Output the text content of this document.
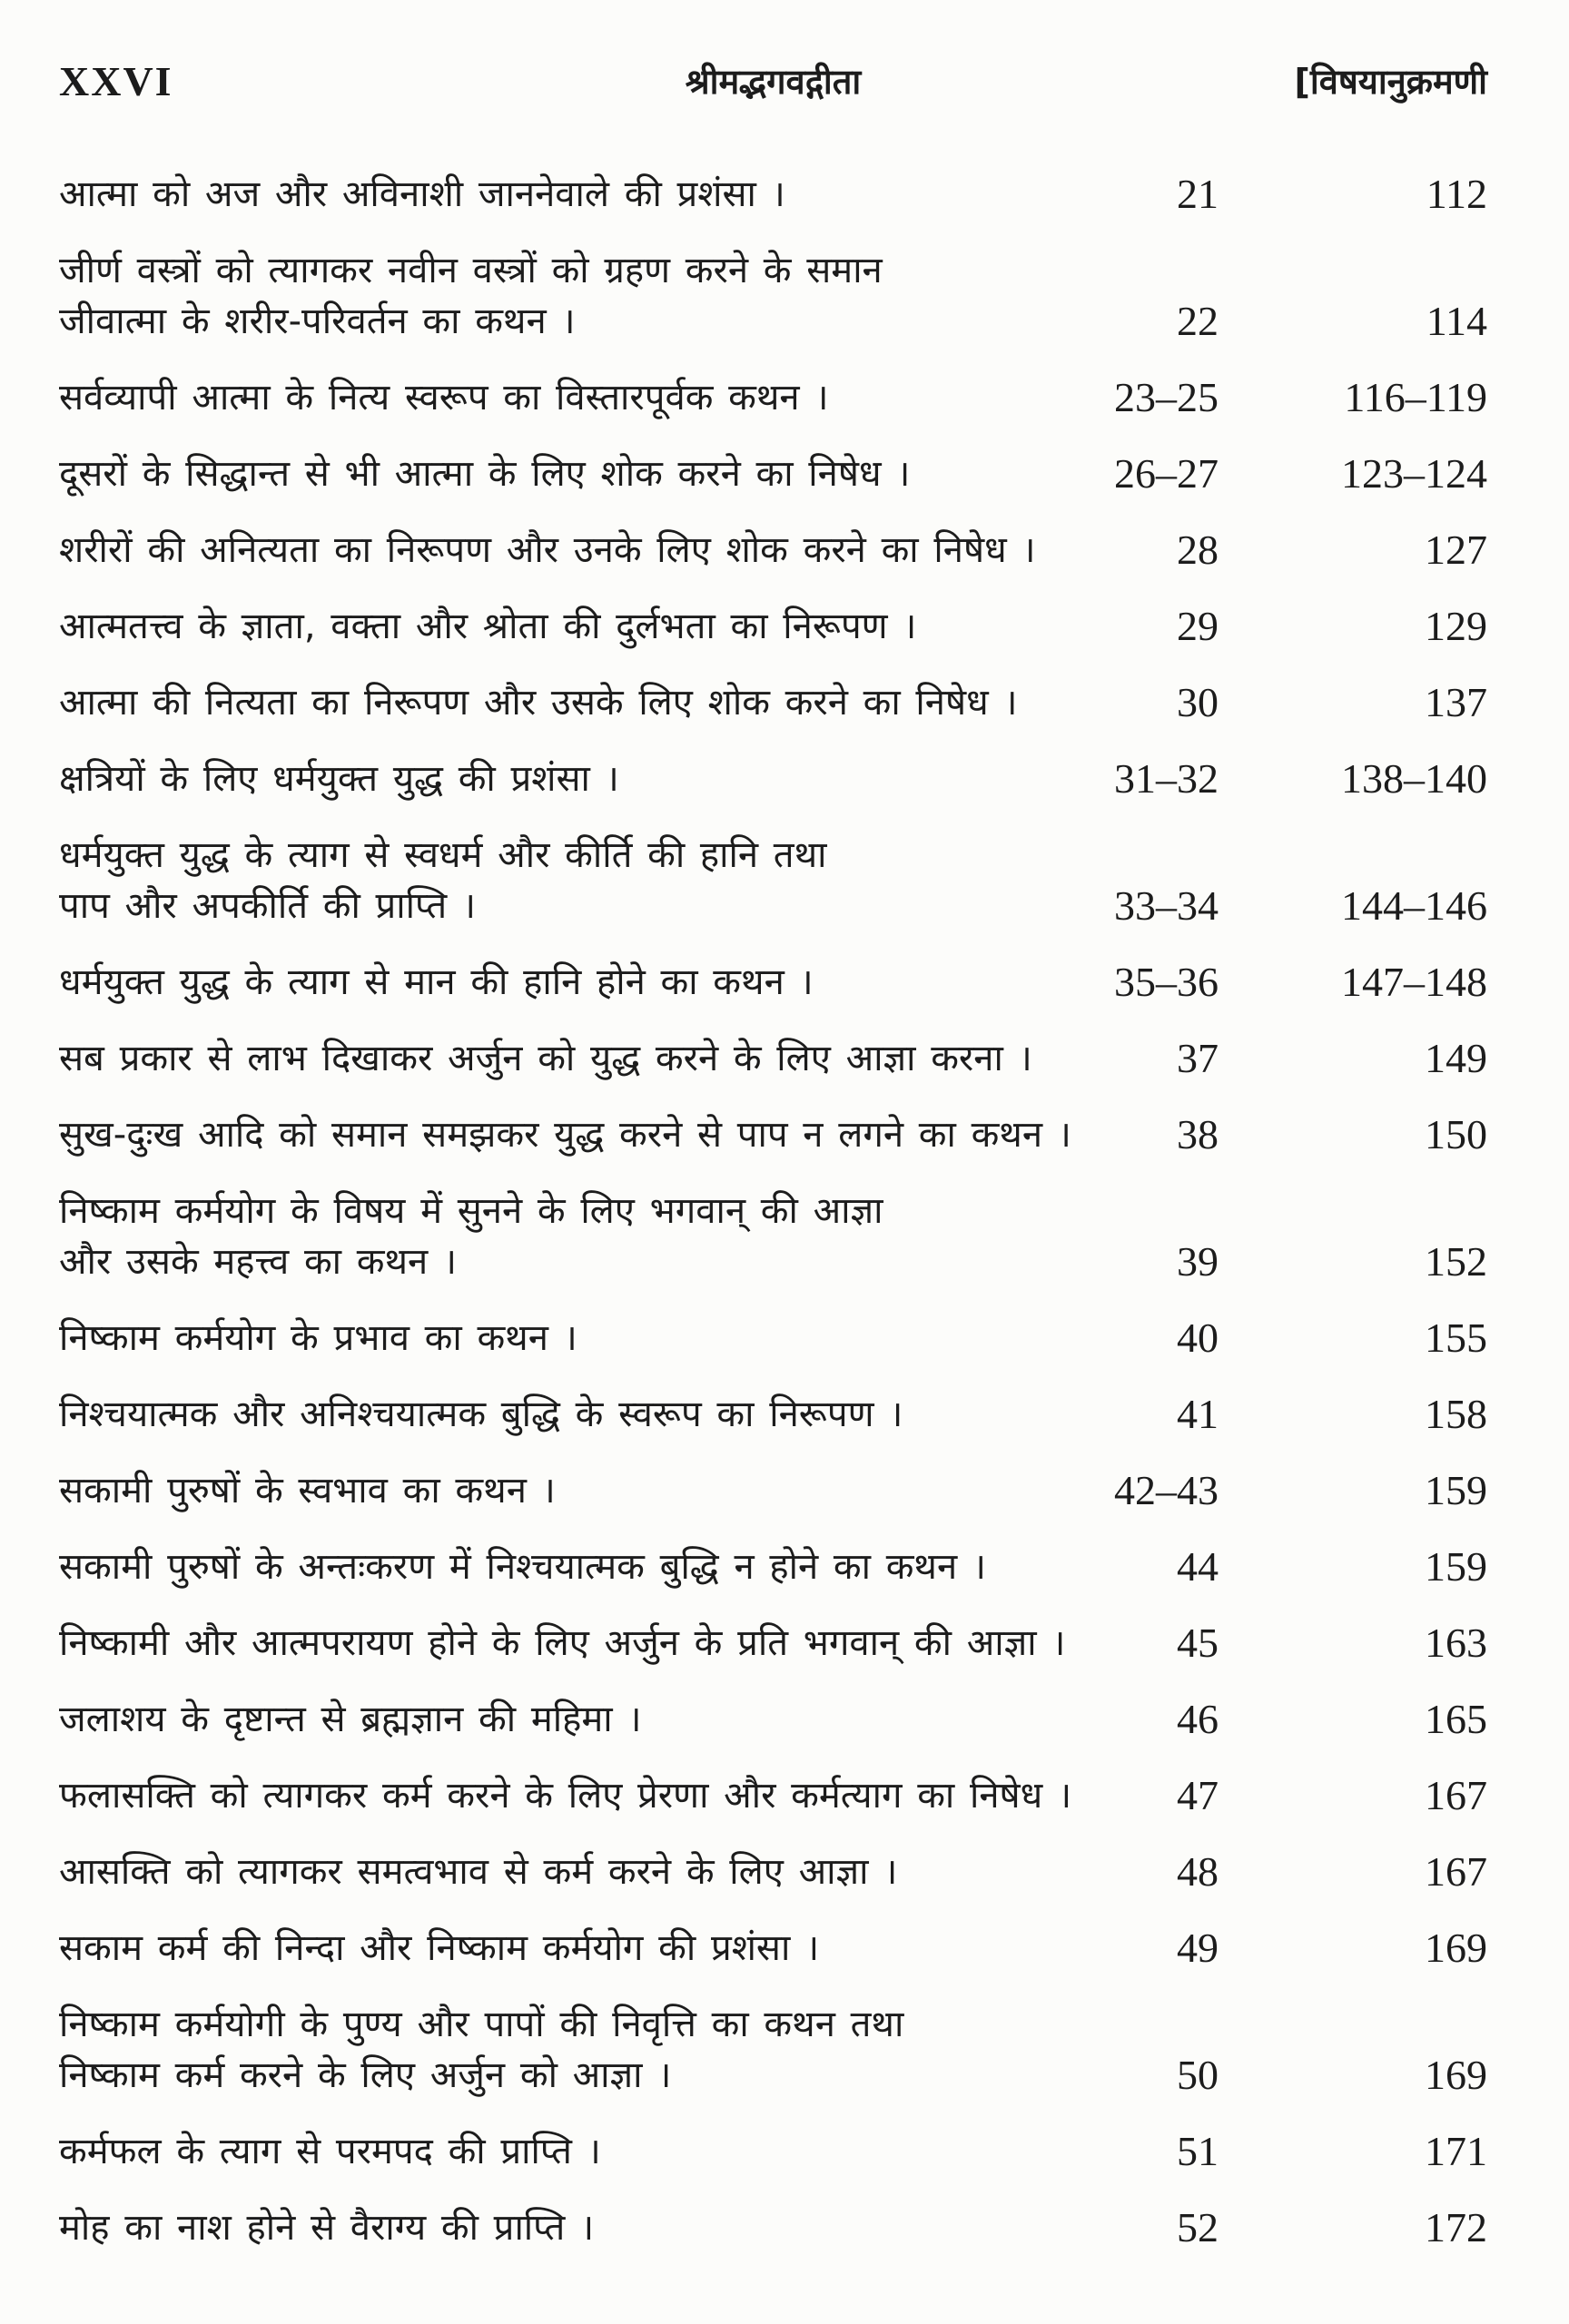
XXVI	श्रीमद्भगवद्गीता	[विषयानुक्रमणी
आत्मा को अज और अविनाशी जाननेवाले की प्रशंसा ।	21	112
जीर्ण वस्त्रों को त्यागकर नवीन वस्त्रों को ग्रहण करने के समान
जीवात्मा के शरीर-परिवर्तन का कथन ।	22	114
सर्वव्यापी आत्मा के नित्य स्वरूप का विस्तारपूर्वक कथन ।	23–25	116–119
दूसरों के सिद्धान्त से भी आत्मा के लिए शोक करने का निषेध ।	26–27	123–124
शरीरों की अनित्यता का निरूपण और उनके लिए शोक करने का निषेध ।	28	127
आत्मतत्त्व के ज्ञाता, वक्ता और श्रोता की दुर्लभता का निरूपण ।	29	129
आत्मा की नित्यता का निरूपण और उसके लिए शोक करने का निषेध ।	30	137
क्षत्रियों के लिए धर्मयुक्त युद्ध की प्रशंसा ।	31–32	138–140
धर्मयुक्त युद्ध के त्याग से स्वधर्म और कीर्ति की हानि तथा
पाप और अपकीर्ति की प्राप्ति ।	33–34	144–146
धर्मयुक्त युद्ध के त्याग से मान की हानि होने का कथन ।	35–36	147–148
सब प्रकार से लाभ दिखाकर अर्जुन को युद्ध करने के लिए आज्ञा करना ।	37	149
सुख-दुःख आदि को समान समझकर युद्ध करने से पाप न लगने का कथन ।	38	150
निष्काम कर्मयोग के विषय में सुनने के लिए भगवान् की आज्ञा
और उसके महत्त्व का कथन ।	39	152
निष्काम कर्मयोग के प्रभाव का कथन ।	40	155
निश्चयात्मक और अनिश्चयात्मक बुद्धि के स्वरूप का निरूपण ।	41	158
सकामी पुरुषों के स्वभाव का कथन ।	42–43	159
सकामी पुरुषों के अन्तःकरण में निश्चयात्मक बुद्धि न होने का कथन ।	44	159
निष्कामी और आत्मपरायण होने के लिए अर्जुन के प्रति भगवान् की आज्ञा ।	45	163
जलाशय के दृष्टान्त से ब्रह्मज्ञान की महिमा ।	46	165
फलासक्ति को त्यागकर कर्म करने के लिए प्रेरणा और कर्मत्याग का निषेध ।	47	167
आसक्ति को त्यागकर समत्वभाव से कर्म करने के लिए आज्ञा ।	48	167
सकाम कर्म की निन्दा और निष्काम कर्मयोग की प्रशंसा ।	49	169
निष्काम कर्मयोगी के पुण्य और पापों की निवृत्ति का कथन तथा
निष्काम कर्म करने के लिए अर्जुन को आज्ञा ।	50	169
कर्मफल के त्याग से परमपद की प्राप्ति ।	51	171
मोह का नाश होने से वैराग्य की प्राप्ति ।	52	172
